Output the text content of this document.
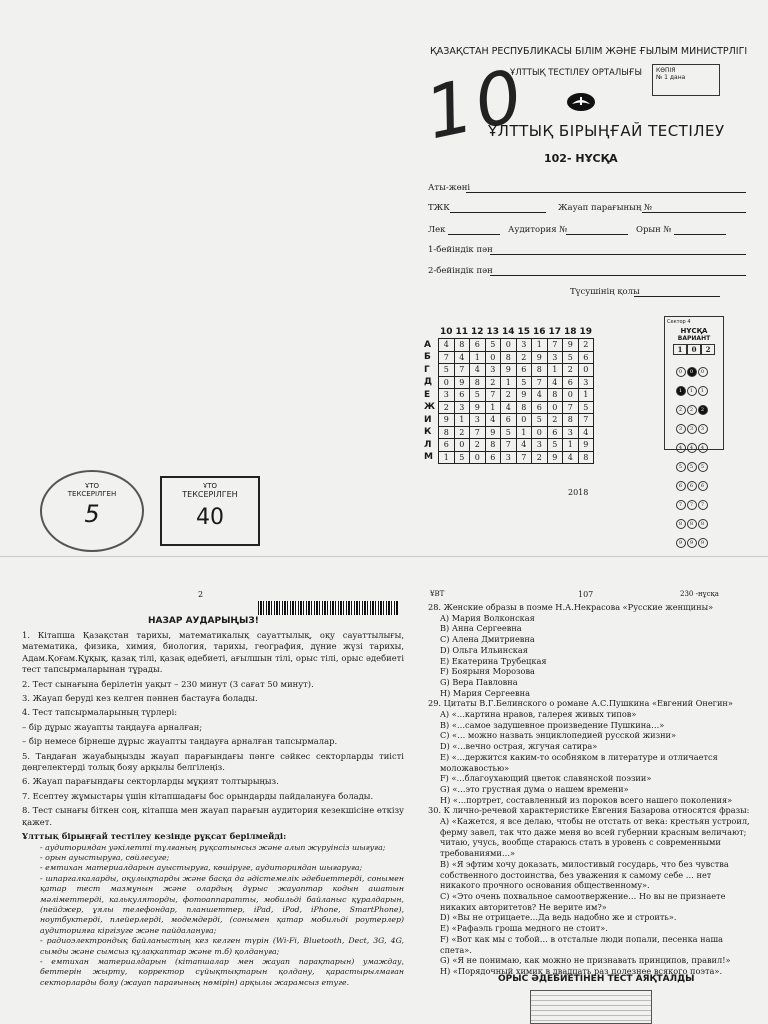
ҚАЗАҚСТАН РЕСПУБЛИКАСЫ БІЛІМ ЖӘНЕ ҒЫЛЫМ МИНИСТРЛІГІ
ҰЛТТЫҚ ТЕСТІЛЕУ ОРТАЛЫҒЫ КӨПІЯ
№ 1 дана
10
ҰЛТТЫҚ БІРЫҢҒАЙ ТЕСТІЛЕУ
102- НҰСҚА
Аты-жөні
ТЖК	Жауап парағының №
Лек	Аудитория №	Орын №
1-бейіндік пән
2-бейіндік пән
Түсушінің қолы
	10	11	12	13	14	15	16	17	18	19
А	4	8	6	5	0	3	1	7	9	2
Б	7	4	1	0	8	2	9	3	5	6
Г	5	7	4	3	9	6	8	1	2	0
Д	0	9	8	2	1	5	7	4	6	3
Е	3	6	5	7	2	9	4	8	0	1
Ж	2	3	9	1	4	8	6	0	7	5
И	9	1	3	4	6	0	5	2	8	7
К	8	2	7	9	5	1	0	6	3	4
Л	6	0	2	8	7	4	3	5	1	9
М	1	5	0	6	3	7	2	9	4	8
Сектор 4
НҰСҚА
ВАРИАНТ
1	0	2
0 0 0
1 1 1
2 2 2
3 3 3
4 4 4
5 5 5
6 6 6
7 7 7
8 8 8
9 9 9
2018
ҰТО
ТЕКСЕРІЛГЕН
5
ҰТО
ТЕКСЕРІЛГЕН
40
2
НАЗАР АУДАРЫҢЫЗ!

1. Кітапша Қазақстан тарихы, математикалық сауаттылық, оқу сауаттылығы, математика, физика, химия, биология, тарихы, география, дүние жүзі тарихы, Адам.Қоғам.Құқық, қазақ тілі, қазақ әдебиеті, ағылшын тілі, орыс тілі, орыс әдебиеті тест тапсырмаларынан тұрады.

2. Тест сынағына берілетін уақыт – 230 минут (3 сағат 50 минут).

3. Жауап беруді кез келген пәннен бастауға болады.

4. Тест тапсырмаларының түрлері:

– бір дұрыс жауапты таңдауға арналған;

– бір немесе бірнеше дұрыс жауапты таңдауға арналған тапсырмалар.

5. Таңдаған жауабыңызды жауап парағындағы пәнге сәйкес секторларды тиісті дөңгелектерді толық бояу арқылы белгілеңіз.

6. Жауап парағындағы секторларды мұқият толтырыңыз.

7. Есептеу жұмыстары үшін кітапшадағы бос орындарды пайдалануға болады.

8. Тест сынағы біткен соң, кітапша мен жауап парағын аудитория кезекшісіне өткізу қажет.

Ұлттық бірыңғай тестілеу кезінде рұқсат берілмейді:

- аудиториядан уәкілетті тұлғаның рұқсатынсыз және алып жүруінсіз шығуға;

- орын ауыстыруға, сөйлесуге;

- емтихан материалдарын ауыстыруға, көшіруге, аудиториядан шығаруға;

- шпаргалкаларды, оқулықтарды және басқа да әдістемелік әдебиеттерді, сонымен қатар тест мазмұнын және олардың дұрыс жауаптар кодын ашатын мәліметтерді, калькуляторды, фотоаппаратты, мобильді байланыс құралдарын, (пейджер, ұялы телефондар, планшеттер, iPad, iPod, iPhone, SmartPhone), ноутбуктерді, плейерлерді, модемдерді, (сонымен қатар мобильді роутерлер) аудиторияға кіргізуге және пайдалануға;

- радиоэлектрондық байланыстың кез келген түрін (Wi-Fi, Bluetooth, Dect, 3G, 4G, сымды және сымсыз құлақкаптар және т.б) қолдануға;

- емтихан материалдарын (кітапшалар мен жауап парақтарын) умаждау, беттерін жырту, корректор сұйықтықтарын қолдану, қарастырылмаған секторларды бояу (жауап парағының нөмірін) арқылы жарамсыз етуге.

¥ВТ	107	230 -нұсқа

28. Женские образы в поэме Н.А.Некрасова «Русские женщины»

A) Мария Волконская

B) Анна Сергеевна

C) Алена Дмитриевна

D) Ольга Ильинская

E) Екатерина Трубецкая

F) Боярыня Морозова

G) Вера Павловна

H) Мария Сергеевна

29. Цитаты В.Г.Белинского о романе А.С.Пушкина «Евгений Онегин»

A) «…картина нравов, галерея живых типов»

B) «…самое задушевное произведение Пушкина…»

C) «… можно назвать энциклопедией русской жизни»

D) «…вечно острая, жгучая сатира»

E) «…держится каким-то особняком в литературе и отличается моложавостью»

F) «…благоухающий цветок славянской поэзии»

G) «…это грустная дума о нашем времени»

H) «…портрет, составленный из пороков всего нашего поколения»

30. К лично-речевой характеристике Евгения Базарова относятся фразы:

A) «Кажется, я все делаю, чтобы не отстать от века: крестьян устроил, ферму завел, так что даже меня во всей губернии красным величают; читаю, учусь, вообще стараюсь стать в уровень с современными требованиями…»

B) «Я эфтим хочу доказать, милостивый государь, что без чувства собственного достоинства, без уважения к самому себе … нет никакого прочного основания общественному».

C) «Это очень похвальное самоотвержение… Но вы не признаете никаких авторитетов? Не верите им?»

D) «Вы не отрицаете…Да ведь надобно же и строить».

E) «Рафаэль гроша медного не стоит».

F) «Вот как мы с тобой… в отсталые люди попали, песенка наша спета».

G) «Я не понимаю, как можно не признавать принципов, правил!»

H) «Порядочный химик в двадцать раз полезнее всякого поэта».

ОРЫС ӘДЕБИЕТІНЕН ТЕСТ АЯҚТАЛДЫ
